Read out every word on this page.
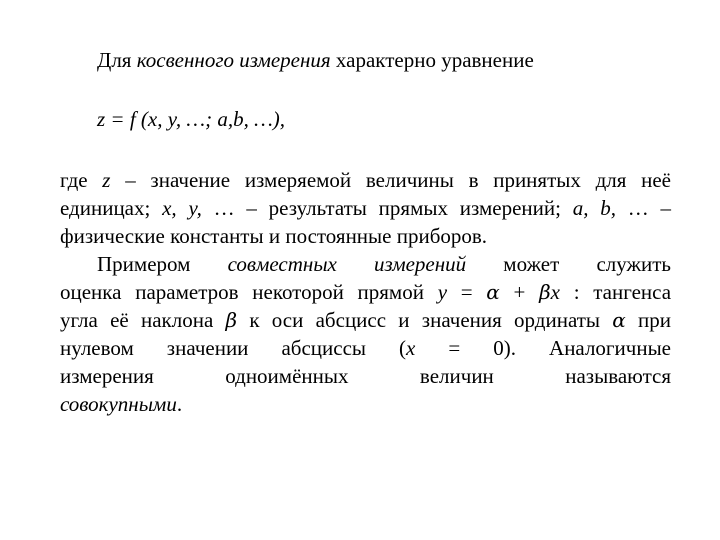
Для косвенного измерения характерно уравнение
z = f (x, y, …; a,b, …),
где z – значение измеряемой величины в принятых для неё
единицах; x, y, … – результаты прямых измерений; a, b, … –
физические константы и постоянные приборов.
Примером совместных измерений может служить
оценка параметров некоторой прямой y = α + βx : тангенса
угла её наклона β к оси абсцисс и значения ординаты α при
нулевом значении абсциссы (x = 0). Аналогичные
измерения одноимённых величин называются
совокупными.
